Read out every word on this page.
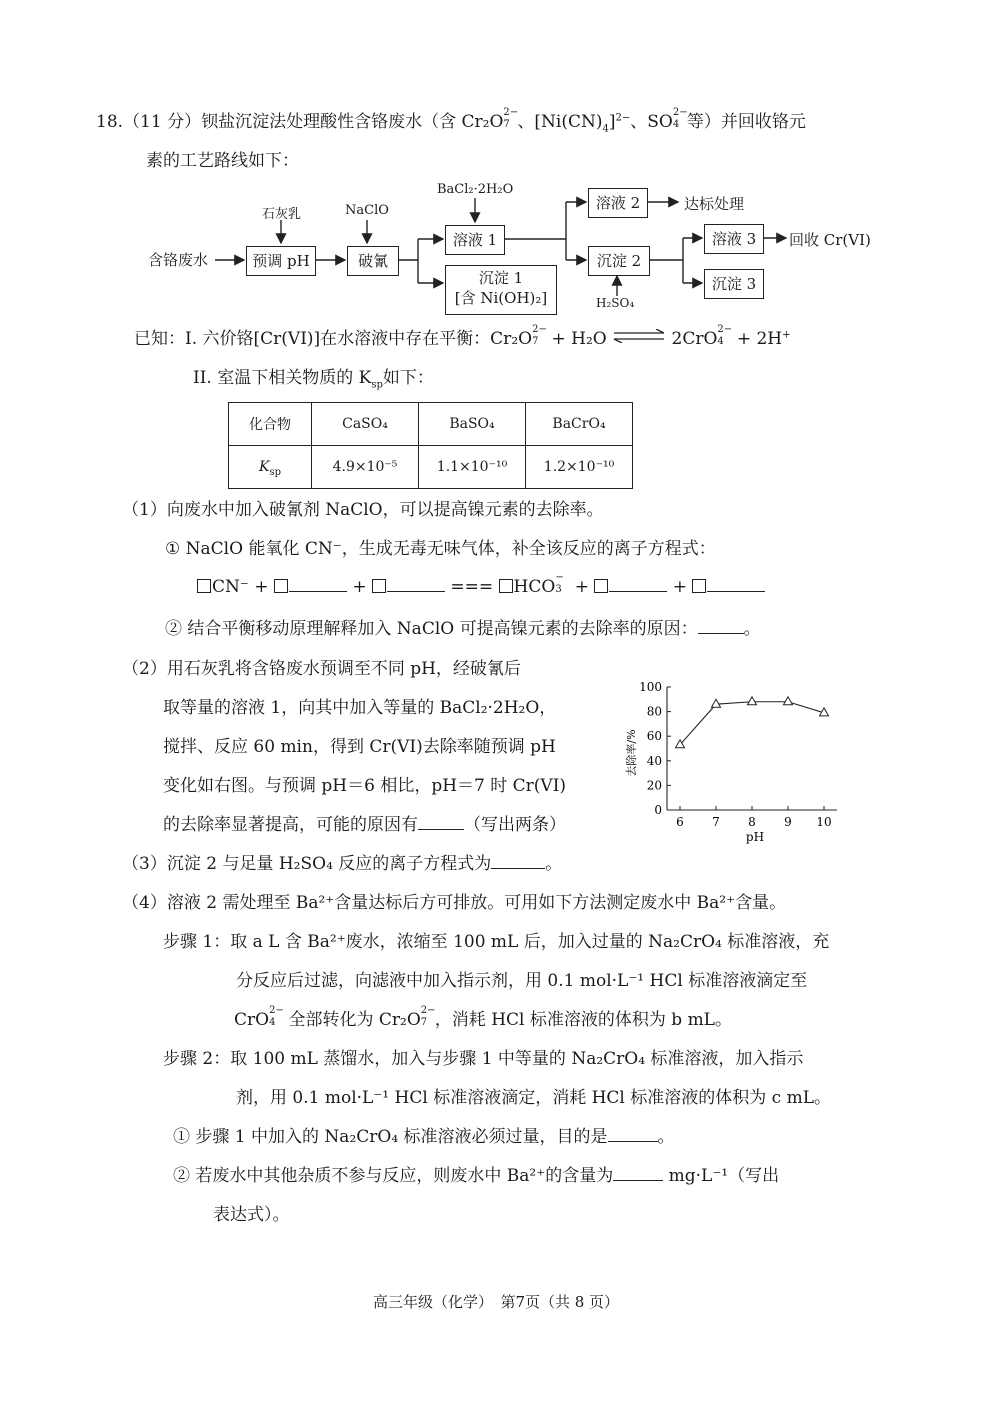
18.（11 分）钡盐沉淀法处理酸性含铬废水（含 Cr₂O 2−
7 、$[Ni(CN)_4]^{2-}$、SO 2−
4 等）并回收铬元
素的工艺路线如下：
含铬废水
石灰乳	NaClO
BaCl₂·2H₂O
预调 pH	破氰
溶液 1
沉淀 1
[含 Ni(OH)₂]
溶液 2	达标处理
沉淀 2
H₂SO₄
溶液 3	回收 Cr(VI)
沉淀 3
已知：I. 六价铬[Cr(VI)]在水溶液中存在平衡：Cr₂O 2−
7 + H₂O ⇌ 2CrO 2−
4 + 2H+
II. 室温下相关物质的 $K_{sp}$如下：
化合物	CaSO₄	BaSO₄	BaCrO₄
$K_{sp}$	4.9×10⁻⁵	1.1×10⁻¹⁰	1.2×10⁻¹⁰
（1）向废水中加入破氰剂 NaClO，可以提高镍元素的去除率。
① NaClO 能氧化 CN⁻，生成无毒无味气体，补全该反应的离子方程式：
CN⁻ +	+	=== HCO −
3 +	+
② 结合平衡移动原理解释加入 NaClO 可提高镍元素的去除率的原因：	。
（2）用石灰乳将含铬废水预调至不同 pH，经破氰后
取等量的溶液 1，向其中加入等量的 BaCl₂·2H₂O，
搅拌、反应 60 min，得到 Cr(VI)去除率随预调 pH
变化如右图。与预调 pH＝6 相比，pH＝7 时 Cr(VI)
的去除率显著提高，可能的原因有	（写出两条）
0
20
40
60
80
100
6 7 8 9 10
pH
去除率/%
（3）沉淀 2 与足量 H₂SO₄ 反应的离子方程式为	。
（4）溶液 2 需处理至 Ba²⁺含量达标后方可排放。可用如下方法测定废水中 Ba²⁺含量。
步骤 1：取 a L 含 Ba²⁺废水，浓缩至 100 mL 后，加入过量的 Na₂CrO₄ 标准溶液，充
分反应后过滤，向滤液中加入指示剂，用 0.1 mol·L⁻¹ HCl 标准溶液滴定至
CrO 2−
4 全部转化为 Cr₂O 2−
7 ，消耗 HCl 标准溶液的体积为 b mL。
步骤 2：取 100 mL 蒸馏水，加入与步骤 1 中等量的 Na₂CrO₄ 标准溶液，加入指示
剂，用 0.1 mol·L⁻¹ HCl 标准溶液滴定，消耗 HCl 标准溶液的体积为 c mL。
① 步骤 1 中加入的 Na₂CrO₄ 标准溶液必须过量，目的是	。
② 若废水中其他杂质不参与反应，则废水中 Ba²⁺的含量为	mg·L⁻¹（写出
表达式）。
高三年级（化学）　第7页（共 8 页）
